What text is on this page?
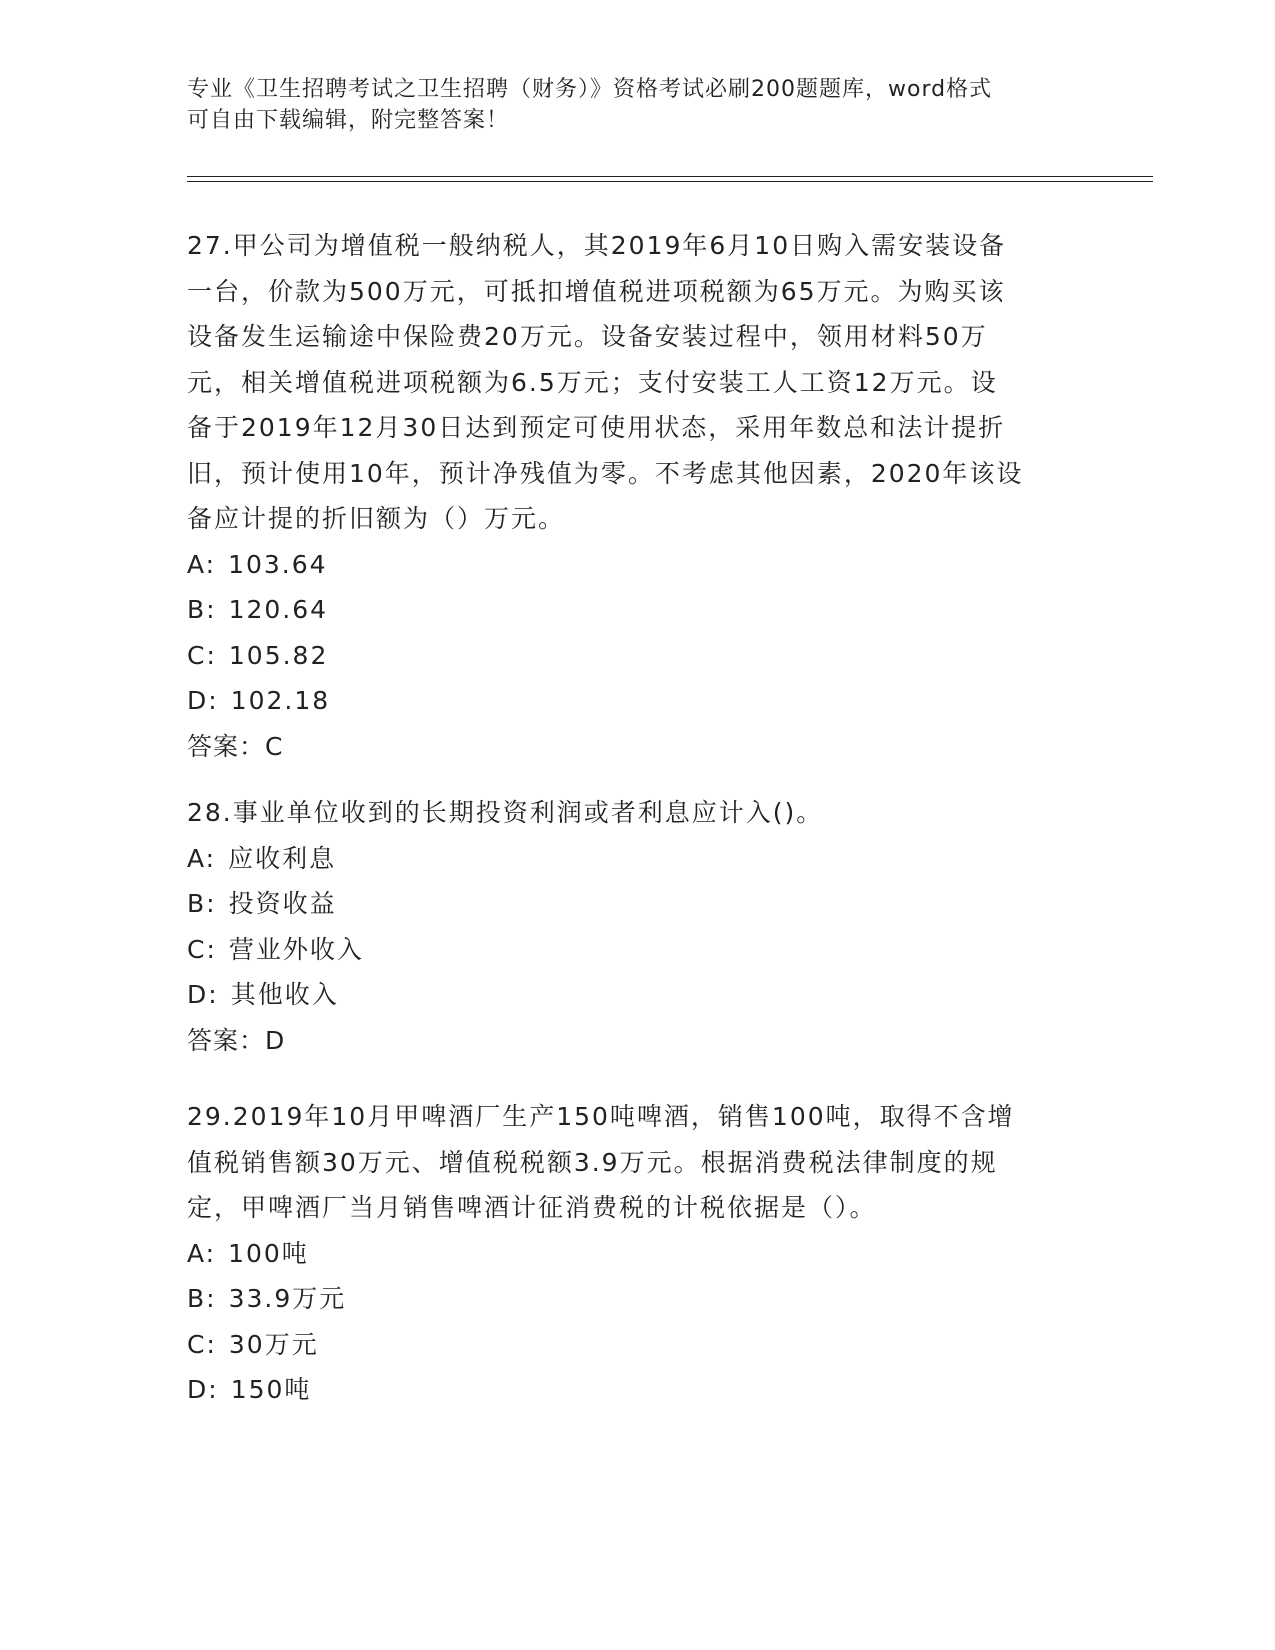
专业《卫生招聘考试之卫生招聘（财务）》资格考试必刷200题题库，word格式
可自由下载编辑，附完整答案！
27.甲公司为增值税一般纳税人，其2019年6月10日购入需安装设备
一台，价款为500万元，可抵扣增值税进项税额为65万元。为购买该
设备发生运输途中保险费20万元。设备安装过程中，领用材料50万
元，相关增值税进项税额为6.5万元；支付安装工人工资12万元。设
备于2019年12月30日达到预定可使用状态，采用年数总和法计提折
旧，预计使用10年，预计净残值为零。不考虑其他因素，2020年该设
备应计提的折旧额为（）万元。
A: 103.64
B: 120.64
C: 105.82
D: 102.18
答案：C
28.事业单位收到的长期投资利润或者利息应计入()。
A: 应收利息
B: 投资收益
C: 营业外收入
D: 其他收入
答案：D
29.2019年10月甲啤酒厂生产150吨啤酒，销售100吨，取得不含增
值税销售额30万元、增值税税额3.9万元。根据消费税法律制度的规
定，甲啤酒厂当月销售啤酒计征消费税的计税依据是（）。
A: 100吨
B: 33.9万元
C: 30万元
D: 150吨
